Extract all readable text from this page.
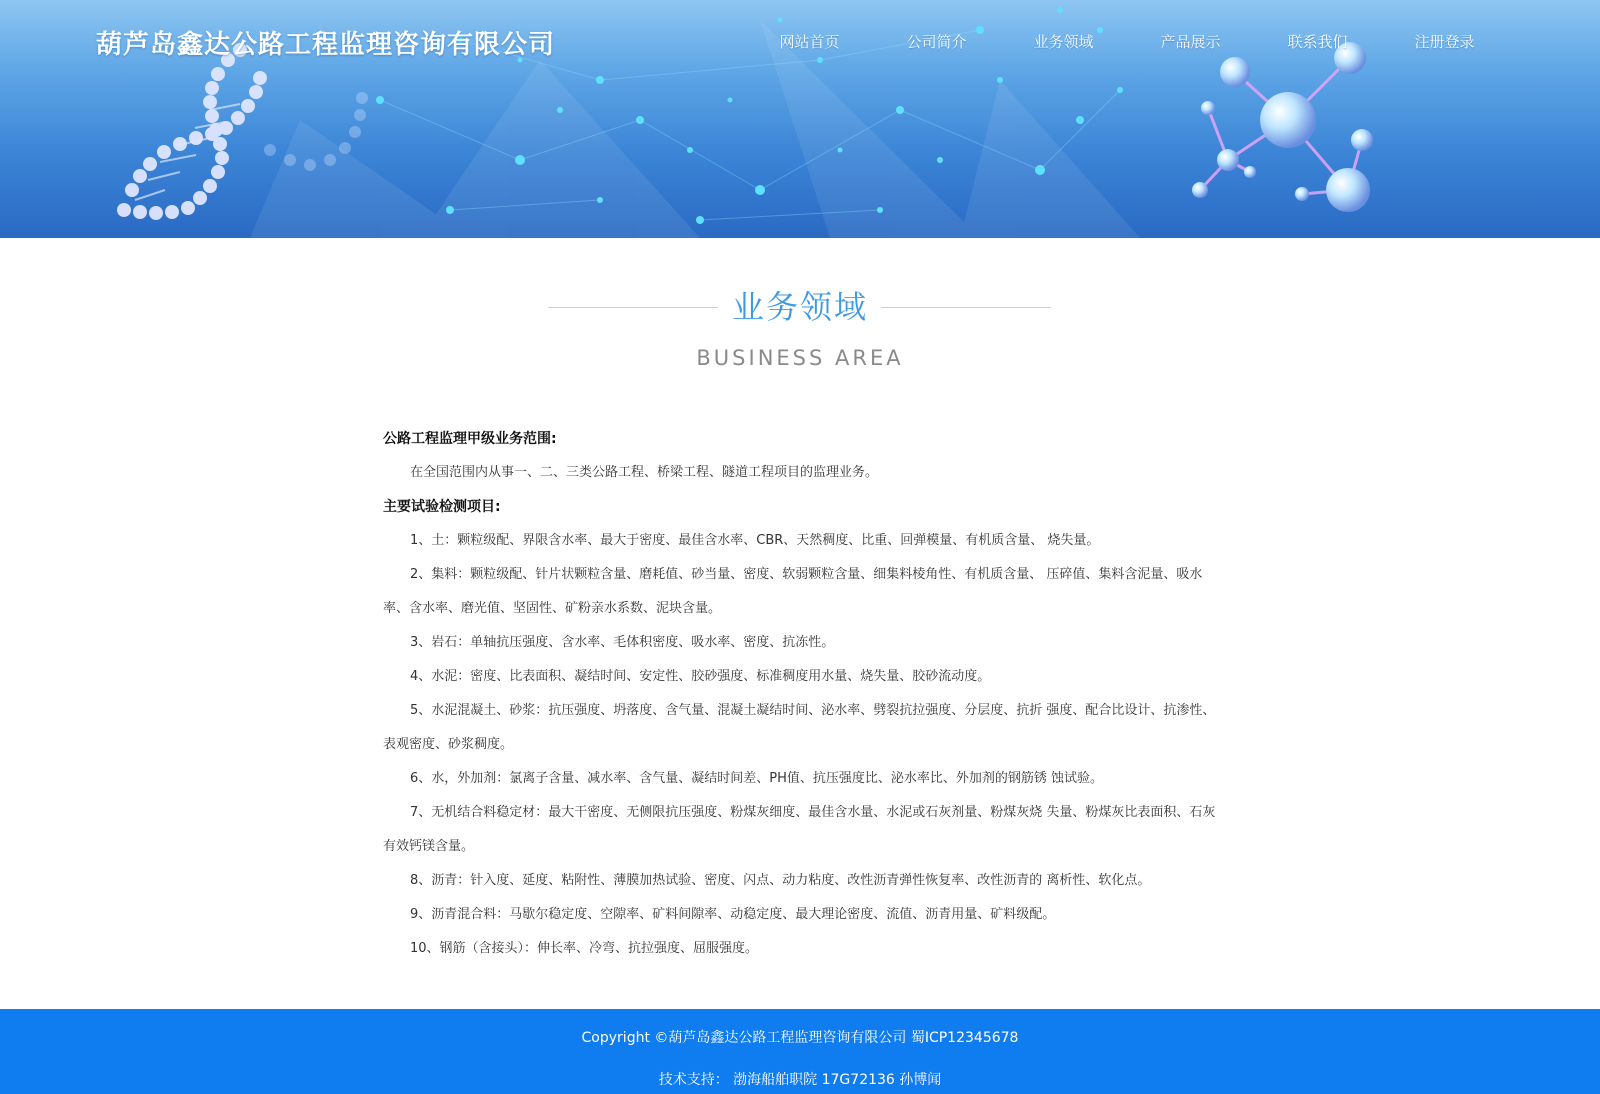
葫芦岛鑫达公路工程监理咨询有限公司	网站首页	公司简介	业务领域	产品展示	联系我们	注册登录
业务领域
BUSINESS AREA
公路工程监理甲级业务范围:

在全国范围内从事一、二、三类公路工程、桥梁工程、隧道工程项目的监理业务。

主要试验检测项目:

1、土：颗粒级配、界限含水率、最大于密度、最佳含水率、CBR、天然稠度、比重、回弹模量、有机质含量、 烧失量。

2、集料：颗粒级配、针片状颗粒含量、磨耗值、砂当量、密度、软弱颗粒含量、细集料棱角性、有机质含量、 压碎值、集料含泥量、吸水率、含水率、磨光值、坚固性、矿粉亲水系数、泥块含量。

3、岩石：单轴抗压强度、含水率、毛体积密度、吸水率、密度、抗冻性。

4、水泥：密度、比表面积、凝结时间、安定性、胶砂强度、标准稠度用水量、烧失量、胶砂流动度。

5、水泥混凝土、砂浆：抗压强度、坍落度、含气量、混凝土凝结时间、泌水率、劈裂抗拉强度、分层度、抗折 强度、配合比设计、抗渗性、表观密度、砂浆稠度。

6、水，外加剂：氯离子含量、减水率、含气量、凝结时间差、PH值、抗压强度比、泌水率比、外加剂的钢筋锈 蚀试验。

7、无机结合料稳定材：最大干密度、无侧限抗压强度、粉煤灰细度、最佳含水量、水泥或石灰剂量、粉煤灰烧 失量、粉煤灰比表面积、石灰有效钙镁含量。

8、沥青：针入度、延度、粘附性、薄膜加热试验、密度、闪点、动力粘度、改性沥青弹性恢复率、改性沥青的 离析性、软化点。

9、沥青混合料：马歇尔稳定度、空隙率、矿料间隙率、动稳定度、最大理论密度、流值、沥青用量、矿料级配。

10、钢筋（含接头）：伸长率、冷弯、抗拉强度、屈服强度。

Copyright ©葫芦岛鑫达公路工程监理咨询有限公司 蜀ICP12345678
技术支持： 渤海船舶职院 17G72136 孙博闻
